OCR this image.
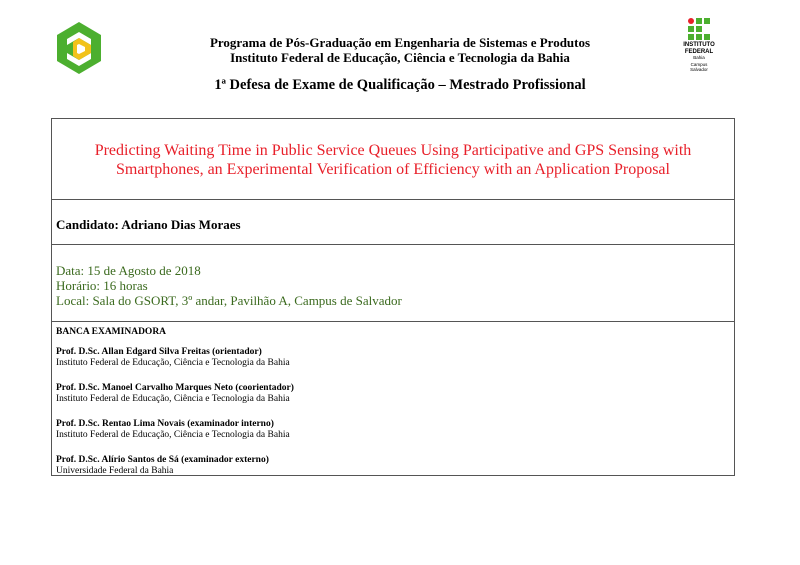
INSTITUTO
FEDERAL
Bahia
Campus
Salvador
Programa de Pós-Graduação em Engenharia de Sistemas e Produtos
Instituto Federal de Educação, Ciência e Tecnologia da Bahia
1ª Defesa de Exame de Qualificação – Mestrado Profissional
Predicting Waiting Time in Public Service Queues Using Participative and GPS Sensing with Smartphones, an Experimental Verification of Efficiency with an Application Proposal
Candidato: Adriano Dias Moraes
Data: 15 de Agosto de 2018
Horário: 16 horas
Local: Sala do GSORT, 3º andar, Pavilhão A, Campus de Salvador
BANCA EXAMINADORA
Prof. D.Sc. Allan Edgard Silva Freitas (orientador)
Instituto Federal de Educação, Ciência e Tecnologia da Bahia
Prof. D.Sc. Manoel Carvalho Marques Neto (coorientador)
Instituto Federal de Educação, Ciência e Tecnologia da Bahia
Prof. D.Sc. Rentao Lima Novais (examinador interno)
Instituto Federal de Educação, Ciência e Tecnologia da Bahia
Prof. D.Sc. Alírio Santos de Sá (examinador externo)
Universidade Federal da Bahia
